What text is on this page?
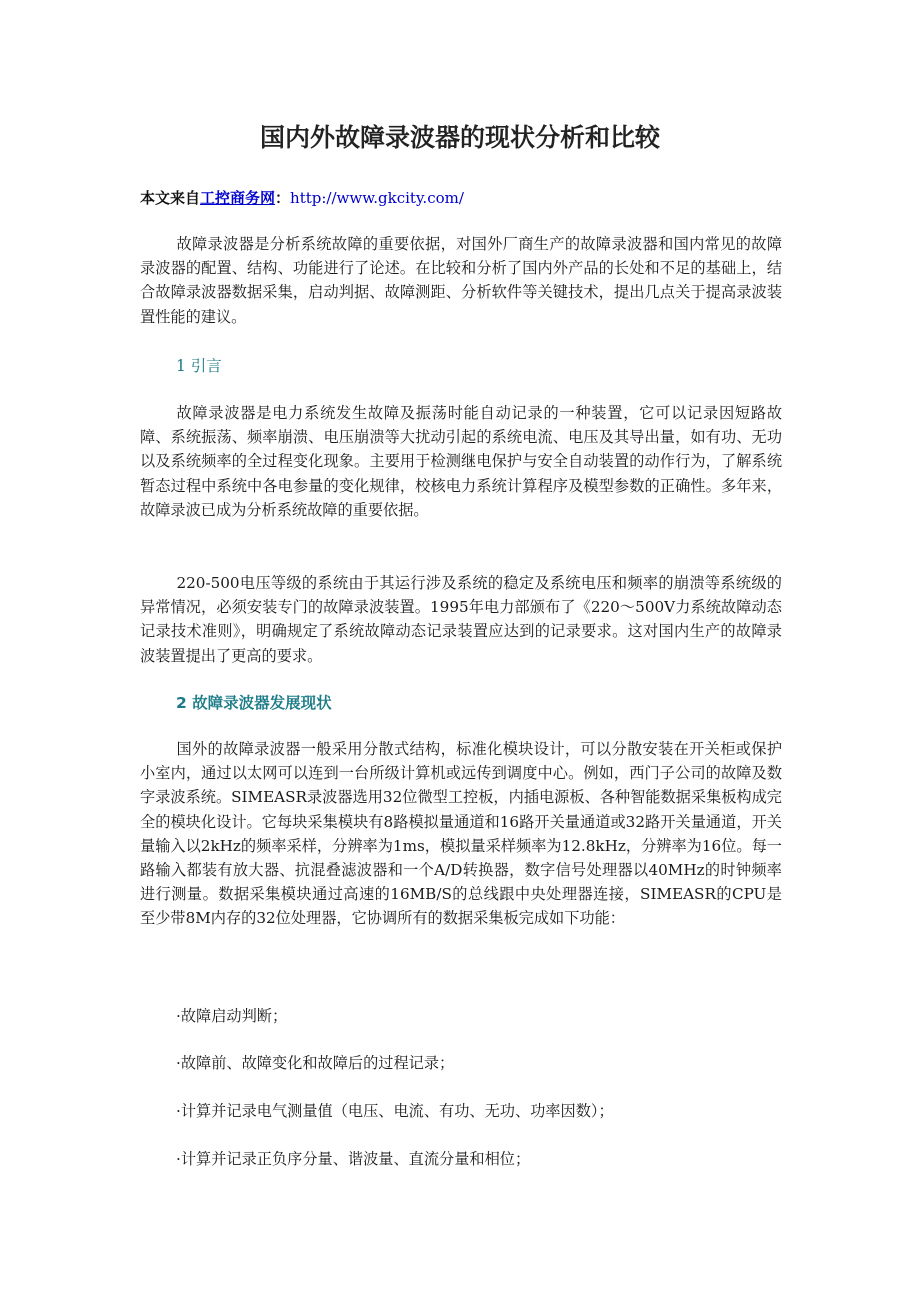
国内外故障录波器的现状分析和比较
本文来自工控商务网：http://www.gkcity.com/

故障录波器是分析系统故障的重要依据，对国外厂商生产的故障录波器和国内常见的故障录波器的配置、结构、功能进行了论述。在比较和分析了国内外产品的长处和不足的基础上，结合故障录波器数据采集，启动判据、故障测距、分析软件等关键技术，提出几点关于提高录波装置性能的建议。

1 引言

故障录波器是电力系统发生故障及振荡时能自动记录的一种装置，它可以记录因短路故障、系统振荡、频率崩溃、电压崩溃等大扰动引起的系统电流、电压及其导出量，如有功、无功以及系统频率的全过程变化现象。主要用于检测继电保护与安全自动装置的动作行为，了解系统暂态过程中系统中各电参量的变化规律，校核电力系统计算程序及模型参数的正确性。多年来，故障录波已成为分析系统故障的重要依据。

220-500电压等级的系统由于其运行涉及系统的稳定及系统电压和频率的崩溃等系统级的异常情况，必须安装专门的故障录波装置。1995年电力部颁布了《220～500V力系统故障动态记录技术准则》，明确规定了系统故障动态记录装置应达到的记录要求。这对国内生产的故障录波装置提出了更高的要求。

2 故障录波器发展现状

国外的故障录波器一般采用分散式结构，标准化模块设计，可以分散安装在开关柜或保护小室内，通过以太网可以连到一台所级计算机或远传到调度中心。例如，西门子公司的故障及数字录波系统。SIMEASR录波器选用32位微型工控板，内插电源板、各种智能数据采集板构成完全的模块化设计。它每块采集模块有8路模拟量通道和16路开关量通道或32路开关量通道，开关量输入以2kHz的频率采样，分辨率为1ms，模拟量采样频率为12.8kHz，分辨率为16位。每一路输入都装有放大器、抗混叠滤波器和一个A/D转换器，数字信号处理器以40MHz的时钟频率进行测量。数据采集模块通过高速的16MB/S的总线跟中央处理器连接，SIMEASR的CPU是至少带8M内存的32位处理器，它协调所有的数据采集板完成如下功能：

·故障启动判断；
·故障前、故障变化和故障后的过程记录；
·计算并记录电气测量值（电压、电流、有功、无功、功率因数）；
·计算并记录正负序分量、谐波量、直流分量和相位；
